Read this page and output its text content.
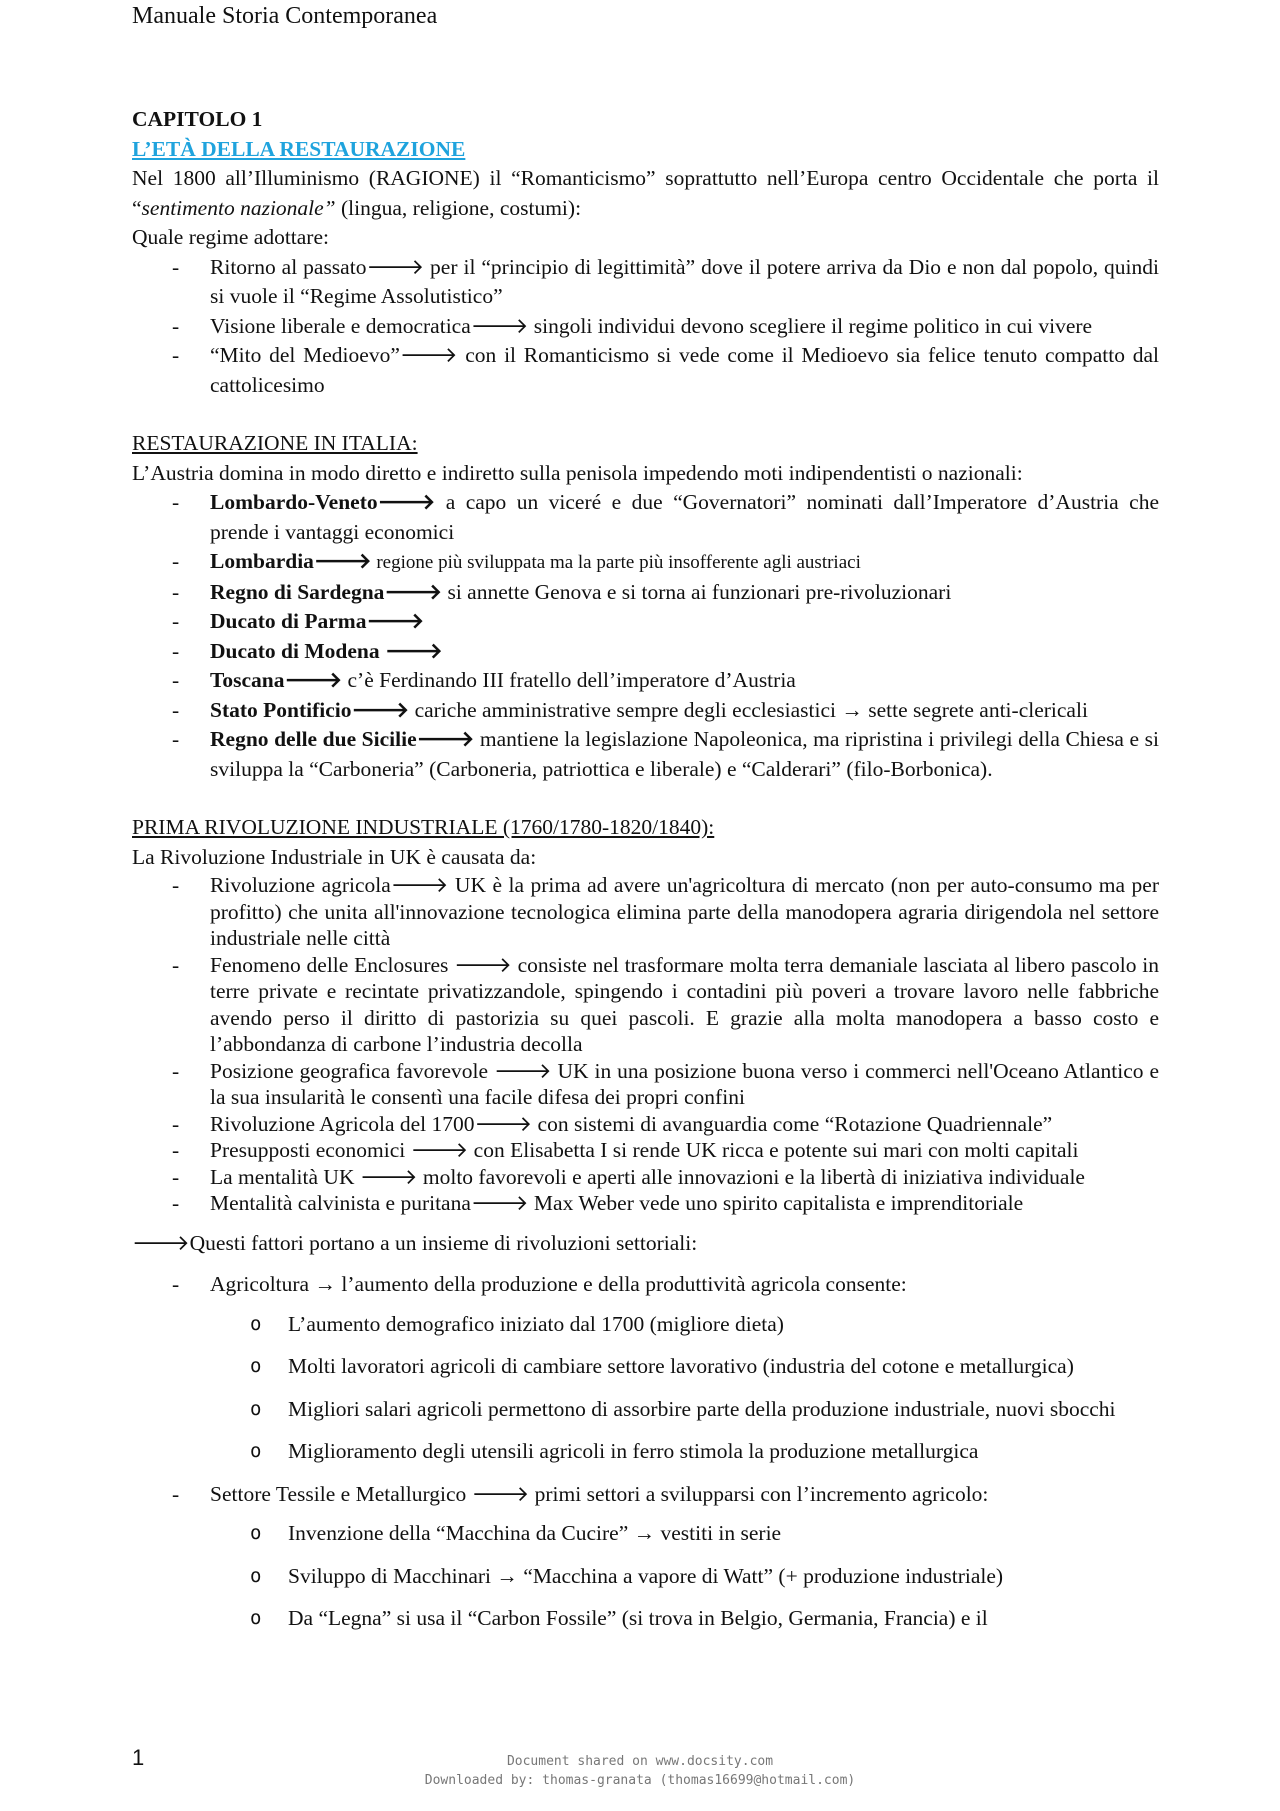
Manuale Storia Contemporanea

CAPITOLO 1

L’ETÀ DELLA RESTAURAZIONE

Nel 1800 all’Illuminismo (RAGIONE) il “Romanticismo” soprattutto nell’Europa centro Occidentale che porta il “sentimento nazionale” (lingua, religione, costumi):

Quale regime adottare:

- Ritorno al passato🡒 per il “principio di legittimità” dove il potere arriva da Dio e non dal popolo, quindi si vuole il “Regime Assolutistico”
- Visione liberale e democratica🡒 singoli individui devono scegliere il regime politico in cui vivere
- “Mito del Medioevo”🡒 con il Romanticismo si vede come il Medioevo sia felice tenuto compatto dal cattolicesimo

RESTAURAZIONE IN ITALIA:

L’Austria domina in modo diretto e indiretto sulla penisola impedendo moti indipendentisti o nazionali:

- Lombardo-Veneto🡒 a capo un viceré e due “Governatori” nominati dall’Imperatore d’Austria che prende i vantaggi economici
- Lombardia🡒 regione più sviluppata ma la parte più insofferente agli austriaci
- Regno di Sardegna🡒 si annette Genova e si torna ai funzionari pre-rivoluzionari
- Ducato di Parma🡒
- Ducato di Modena 🡒
- Toscana🡒 c’è Ferdinando III fratello dell’imperatore d’Austria
- Stato Pontificio🡒 cariche amministrative sempre degli ecclesiastici → sette segrete anti-clericali
- Regno delle due Sicilie🡒 mantiene la legislazione Napoleonica, ma ripristina i privilegi della Chiesa e si sviluppa la “Carboneria” (Carboneria, patriottica e liberale) e “Calderari” (filo-Borbonica).

PRIMA RIVOLUZIONE INDUSTRIALE (1760/1780-1820/1840):

La Rivoluzione Industriale in UK è causata da:

- Rivoluzione agricola🡒 UK è la prima ad avere un'agricoltura di mercato (non per auto-consumo ma per profitto) che unita all'innovazione tecnologica elimina parte della manodopera agraria dirigendola nel settore industriale nelle città
- Fenomeno delle Enclosures 🡒 consiste nel trasformare molta terra demaniale lasciata al libero pascolo in terre private e recintate privatizzandole, spingendo i contadini più poveri a trovare lavoro nelle fabbriche avendo perso il diritto di pastorizia su quei pascoli. E grazie alla molta manodopera a basso costo e l’abbondanza di carbone l’industria decolla
- Posizione geografica favorevole 🡒 UK in una posizione buona verso i commerci nell'Oceano Atlantico e la sua insularità le consentì una facile difesa dei propri confini
- Rivoluzione Agricola del 1700🡒 con sistemi di avanguardia come “Rotazione Quadriennale”
- Presupposti economici 🡒 con Elisabetta I si rende UK ricca e potente sui mari con molti capitali
- La mentalità UK 🡒 molto favorevoli e aperti alle innovazioni e la libertà di iniziativa individuale
- Mentalità calvinista e puritana🡒 Max Weber vede uno spirito capitalista e imprenditoriale

🡒Questi fattori portano a un insieme di rivoluzioni settoriali:

- Agricoltura → l’aumento della produzione e della produttività agricola consente:
o L’aumento demografico iniziato dal 1700 (migliore dieta)
o Molti lavoratori agricoli di cambiare settore lavorativo (industria del cotone e metallurgica)
o Migliori salari agricoli permettono di assorbire parte della produzione industriale, nuovi sbocchi
o Miglioramento degli utensili agricoli in ferro stimola la produzione metallurgica
- Settore Tessile e Metallurgico 🡒 primi settori a svilupparsi con l’incremento agricolo:
o Invenzione della “Macchina da Cucire” → vestiti in serie
o Sviluppo di Macchinari → “Macchina a vapore di Watt” (+ produzione industriale)
o Da “Legna” si usa il “Carbon Fossile” (si trova in Belgio, Germania, Francia) e il
1	Document shared on www.docsity.com
Downloaded by: thomas-granata (thomas16699@hotmail.com)
